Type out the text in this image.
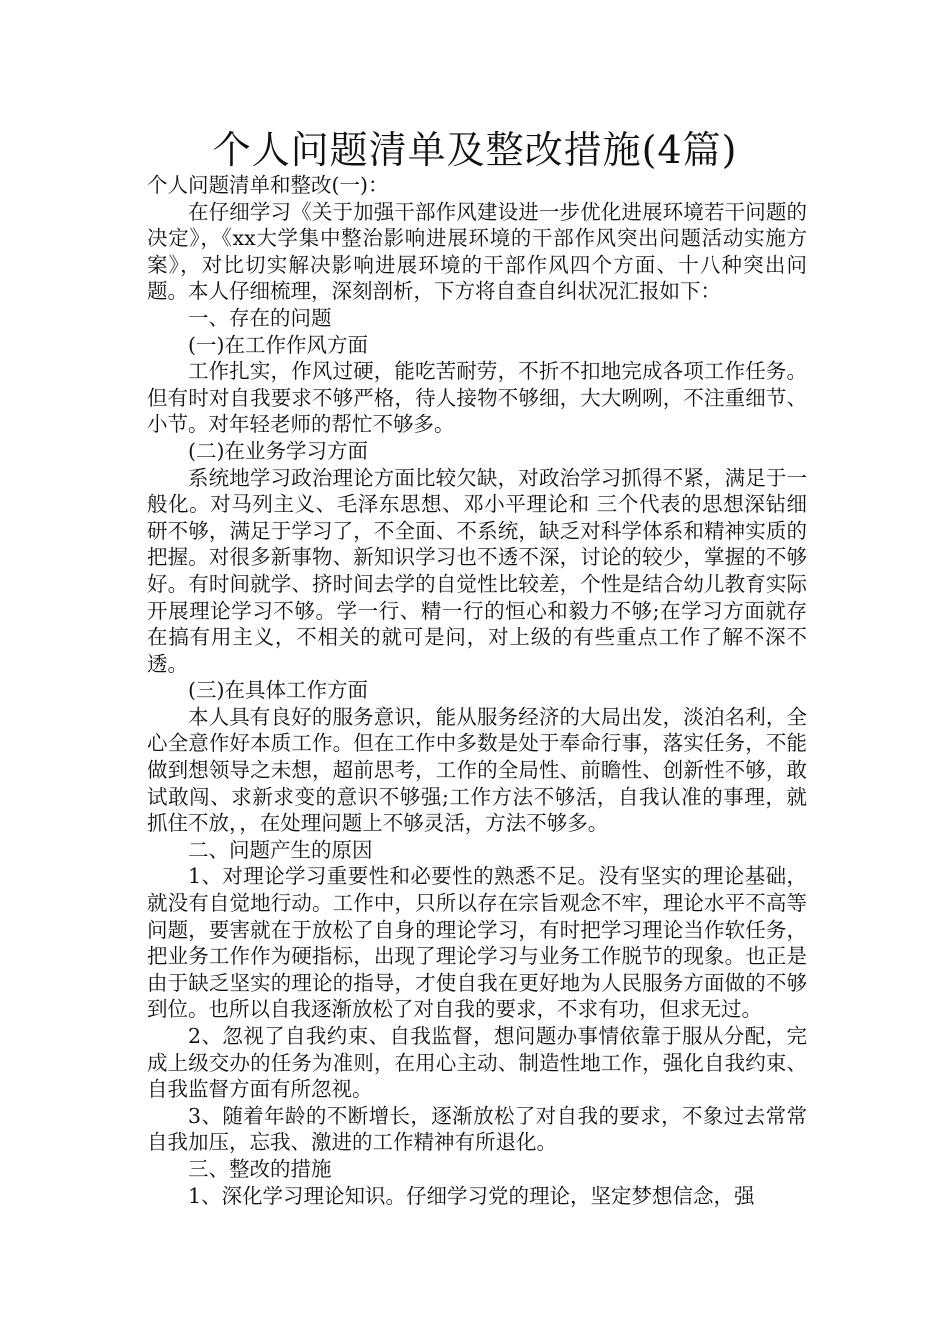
个人问题清单及整改措施(4篇)

个人问题清单和整改(一)：

在仔细学习《关于加强干部作风建设进一步优化进展环境若干问题的决定》，《xx大学集中整治影响进展环境的干部作风突出问题活动实施方案》，对比切实解决影响进展环境的干部作风四个方面、十八种突出问题。本人仔细梳理，深刻剖析，下方将自查自纠状况汇报如下：

一、存在的问题

(一)在工作作风方面

工作扎实，作风过硬，能吃苦耐劳，不折不扣地完成各项工作任务。但有时对自我要求不够严格，待人接物不够细，大大咧咧，不注重细节、小节。对年轻老师的帮忙不够多。

(二)在业务学习方面

系统地学习政治理论方面比较欠缺，对政治学习抓得不紧，满足于一般化。对马列主义、毛泽东思想、邓小平理论和 三个代表的思想深钻细研不够，满足于学习了，不全面、不系统，缺乏对科学体系和精神实质的把握。对很多新事物、新知识学习也不透不深，讨论的较少，掌握的不够好。有时间就学、挤时间去学的自觉性比较差，个性是结合幼儿教育实际开展理论学习不够。学一行、精一行的恒心和毅力不够;在学习方面就存在搞有用主义，不相关的就可是问，对上级的有些重点工作了解不深不透。

(三)在具体工作方面

本人具有良好的服务意识，能从服务经济的大局出发，淡泊名利，全心全意作好本质工作。但在工作中多数是处于奉命行事，落实任务，不能做到想领导之未想，超前思考，工作的全局性、前瞻性、创新性不够，敢试敢闯、求新求变的意识不够强;工作方法不够活，自我认准的事理，就抓住不放，，在处理问题上不够灵活，方法不够多。

二、问题产生的原因

1、对理论学习重要性和必要性的熟悉不足。没有坚实的理论基础，就没有自觉地行动。工作中，只所以存在宗旨观念不牢，理论水平不高等问题，要害就在于放松了自身的理论学习，有时把学习理论当作软任务，把业务工作作为硬指标，出现了理论学习与业务工作脱节的现象。也正是由于缺乏坚实的理论的指导，才使自我在更好地为人民服务方面做的不够到位。也所以自我逐渐放松了对自我的要求，不求有功，但求无过。

2、忽视了自我约束、自我监督，想问题办事情依靠于服从分配，完成上级交办的任务为准则，在用心主动、制造性地工作，强化自我约束、自我监督方面有所忽视。

3、随着年龄的不断增长，逐渐放松了对自我的要求，不象过去常常自我加压，忘我、激进的工作精神有所退化。

三、整改的措施

1、深化学习理论知识。仔细学习党的理论，坚定梦想信念，强
